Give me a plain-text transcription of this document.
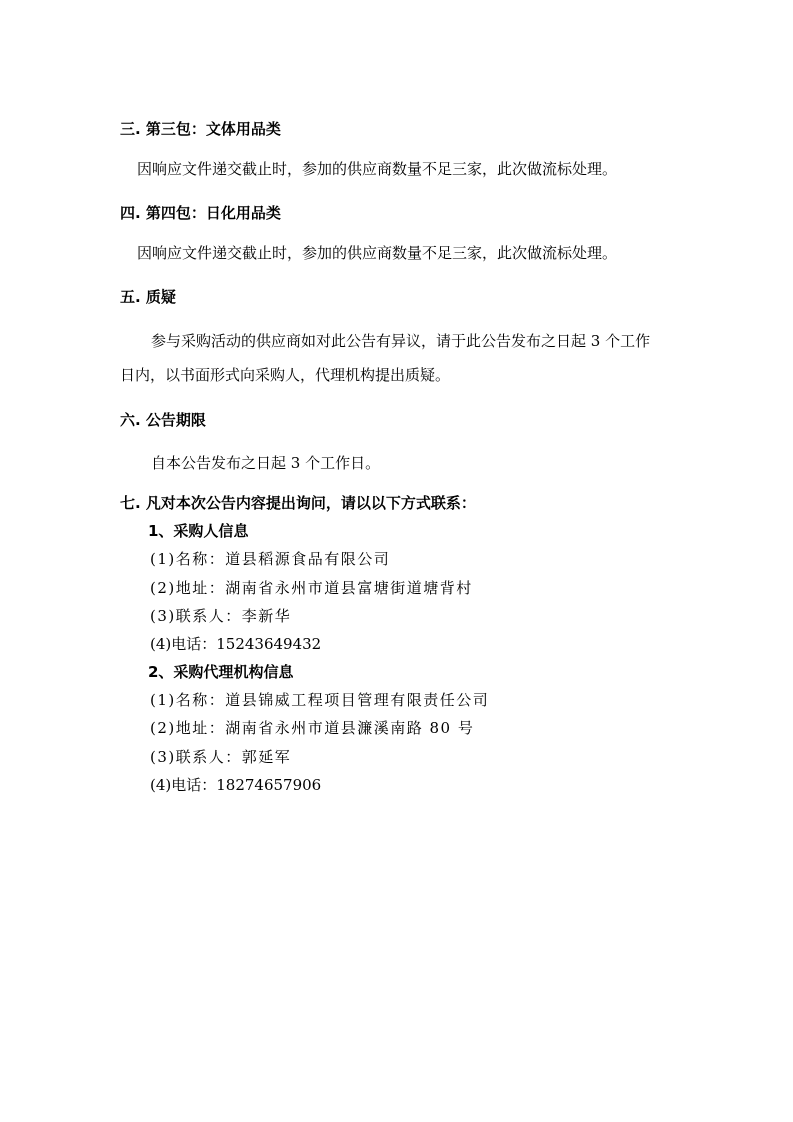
三. 第三包：文体用品类
因响应文件递交截止时，参加的供应商数量不足三家，此次做流标处理。
四. 第四包：日化用品类
因响应文件递交截止时，参加的供应商数量不足三家，此次做流标处理。
五. 质疑
参与采购活动的供应商如对此公告有异议，请于此公告发布之日起 3 个工作
日内，以书面形式向采购人，代理机构提出质疑。
六. 公告期限
自本公告发布之日起 3 个工作日。
七. 凡对本次公告内容提出询问，请以以下方式联系：
1、采购人信息
(1)名称：道县稻源食品有限公司
(2)地址：湖南省永州市道县富塘街道塘背村
(3)联系人：李新华
(4)电话：15243649432
2、采购代理机构信息
(1)名称：道县锦威工程项目管理有限责任公司
(2)地址：湖南省永州市道县濂溪南路 80 号
(3)联系人：郭延军
(4)电话：18274657906
